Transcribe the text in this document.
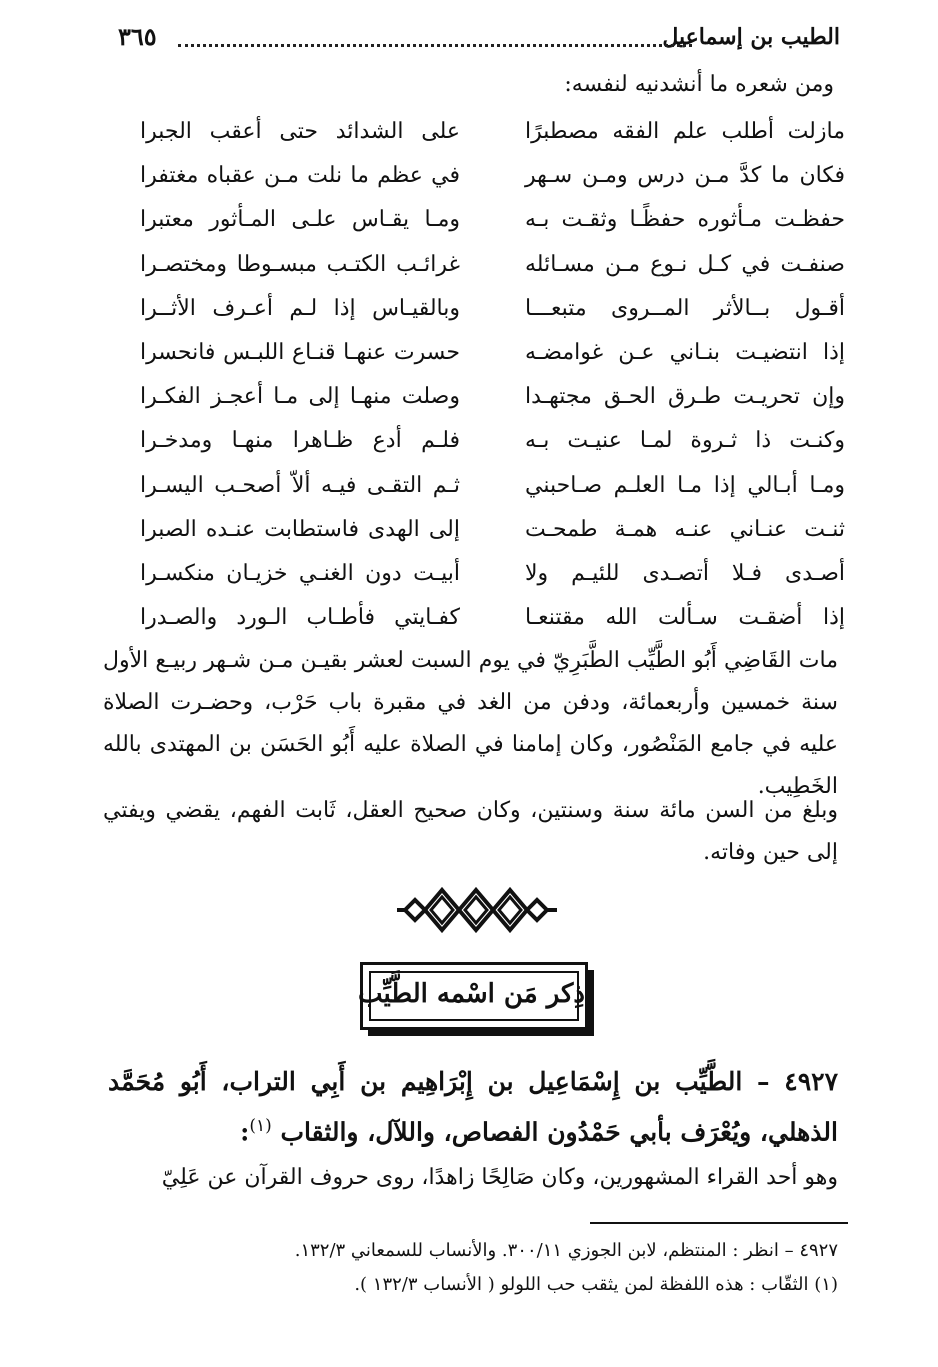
الطيب بن إسماعيل
٣٦٥
ومن شعره ما أنشدنيه لنفسه:
مازلت أطلب علم الفقه مصطبرًا
على الشدائد حتى أعقب الجبرا
فكان ما كدَّ مـن درس ومـن سـهر
في عظم ما نلت مـن عقباه مغتفرا
حفظـت مـأثوره حفظًـا وثقـت بـه
ومـا يقـاس علـى المـأثور معتبرا
صنفـت في كـل نـوع مـن مسـائله
غرائـب الكتـب مبسـوطا ومختصـرا
أقـول بــالأثر المــروى متبعـــا
وبالقيـاس إذا لـم أعـرف الأثــرا
إذا انتضيـت بنـاني عـن غوامضـه
حسرت عنهـا قنـاع اللبـس فانحسرا
وإن تحريـت طـرق الحـق مجتهـدا
وصلت منهـا إلى مـا أعجـز الفكـرا
وكنـت ذا ثـروة لمـا عنيـت بـه
فلـم أدع ظـاهرا منهـا ومدخـرا
ومـا أبـالي إذا مـا العلـم صـاحبني
ثـم التقـى فيـه ألاّ أصحـب اليسـرا
ثنـت عنـاني عنـه همـة طمحـت
إلى الهدى فاستطابت عنـده الصبرا
أصـدى فـلا أتصـدى للئيـم ولا
أبيـت دون الغنـي خزيـان منكسـرا
إذا أضقـت سـألت الله مقتنعـا
كفـايتي فأطـاب الـورد والصـدرا

مات القَاضِي أَبُو الطَّيِّب الطَّبَرِيّ في يوم السبت لعشر بقيـن مـن شـهر ربيـع الأول سنة خمسين وأربعمائة، ودفن من الغد في مقبرة باب حَرْب، وحضـرت الصلاة عليه في جامع المَنْصُور، وكان إمامنا في الصلاة عليه أَبُو الحَسَن بن المهتدى بالله الخَطِيب.

وبلغ من السن مائة سنة وسنتين، وكان صحيح العقل، ثَابت الفهم، يقضي ويفتي إلى حين وفاته.

ذِكر مَن اسْمه الطَّيِّب

٤٩٢٧ – الطَّيِّب بن إِسْمَاعِيل بن إِبْرَاهِيم بن أَبِي التراب، أَبُو مُحَمَّد الذهلي، ويُعْرَف بأبي حَمْدُون الفصاص، واللآل، والثقاب $^{(١)}$:

وهو أحد القراء المشهورين، وكان صَالِحًا زاهدًا، روى حروف القرآن عن عَلِيّ

٤٩٢٧ – انظر : المنتظم، لابن الجوزي ٣٠٠/١١. والأنساب للسمعاني ١٣٢/٣.
(١) الثقّاب : هذه اللفظة لمن يثقب حب اللولو ( الأنساب ١٣٢/٣ ).
